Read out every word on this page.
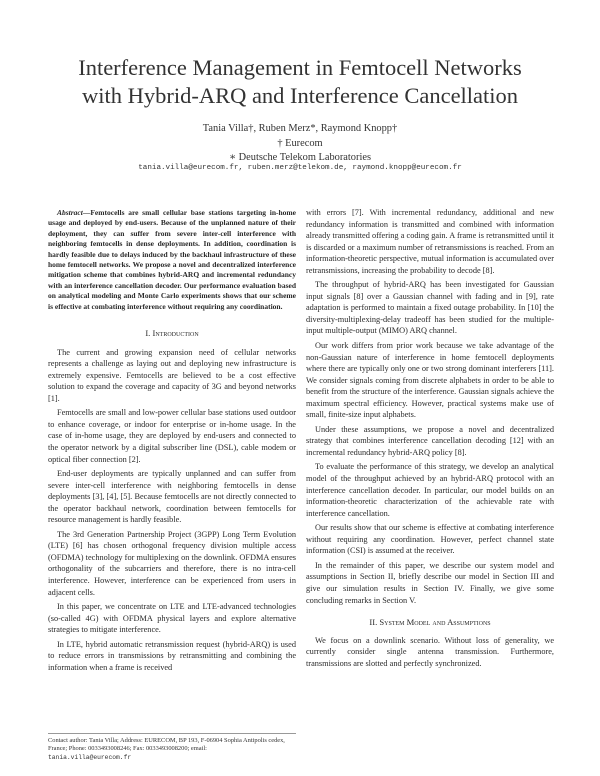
Interference Management in Femtocell Networks
with Hybrid-ARQ and Interference Cancellation
Tania Villa†, Ruben Merz*, Raymond Knopp†
† Eurecom
∗ Deutsche Telekom Laboratories
tania.villa@eurecom.fr, ruben.merz@telekom.de, raymond.knopp@eurecom.fr

Abstract—Femtocells are small cellular base stations targeting in-home usage and deployed by end-users. Because of the unplanned nature of their deployment, they can suffer from severe inter-cell interference with neighboring femtocells in dense deployments. In addition, coordination is hardly feasible due to delays induced by the backhaul infrastructure of these home femtocell networks. We propose a novel and decentralized interference mitigation scheme that combines hybrid-ARQ and incremental redundancy with an interference cancellation decoder. Our performance evaluation based on analytical modeling and Monte Carlo experiments shows that our scheme is effective at combating interference without requiring any coordination.

I. Introduction

The current and growing expansion need of cellular networks represents a challenge as laying out and deploying new infrastructure is extremely expensive. Femtocells are believed to be a cost effective solution to expand the coverage and capacity of 3G and beyond networks [1].

Femtocells are small and low-power cellular base stations used outdoor to enhance coverage, or indoor for enterprise or in-home usage. In the case of in-home usage, they are deployed by end-users and connected to the operator network by a digital subscriber line (DSL), cable modem or optical fiber connection [2].

End-user deployments are typically unplanned and can suffer from severe inter-cell interference with neighboring femtocells in dense deployments [3], [4], [5]. Because femtocells are not directly connected to the operator backhaul network, coordination between femtocells for resource management is hardly feasible.

The 3rd Generation Partnership Project (3GPP) Long Term Evolution (LTE) [6] has chosen orthogonal frequency division multiple access (OFDMA) technology for multiplexing on the downlink. OFDMA ensures orthogonality of the subcarriers and therefore, there is no intra-cell interference. However, interference can be experienced from users in adjacent cells.

In this paper, we concentrate on LTE and LTE-advanced technologies (so-called 4G) with OFDMA physical layers and explore alternative strategies to mitigate interference.

In LTE, hybrid automatic retransmission request (hybrid-ARQ) is used to reduce errors in transmissions by retransmitting and combining the information when a frame is received

Contact author: Tania Villa; Address: EURECOM, BP 193, F-06904 Sophia Antipolis cedex, France; Phone: 0033493008246; Fax: 0033493008200; email:
tania.villa@eurecom.fr

with errors [7]. With incremental redundancy, additional and new redundancy information is transmitted and combined with information already transmitted offering a coding gain. A frame is retransmitted until it is discarded or a maximum number of retransmissions is reached. From an information-theoretic perspective, mutual information is accumulated over retransmissions, increasing the probability to decode [8].

The throughput of hybrid-ARQ has been investigated for Gaussian input signals [8] over a Gaussian channel with fading and in [9], rate adaptation is performed to maintain a fixed outage probability. In [10] the diversity-multiplexing-delay tradeoff has been studied for the multiple-input multiple-output (MIMO) ARQ channel.

Our work differs from prior work because we take advantage of the non-Gaussian nature of interference in home femtocell deployments where there are typically only one or two strong dominant interferers [11]. We consider signals coming from discrete alphabets in order to be able to benefit from the structure of the interference. Gaussian signals achieve the maximum spectral efficiency. However, practical systems make use of small, finite-size input alphabets.

Under these assumptions, we propose a novel and decentralized strategy that combines interference cancellation decoding [12] with an incremental redundancy hybrid-ARQ policy [8].

To evaluate the performance of this strategy, we develop an analytical model of the throughput achieved by an hybrid-ARQ protocol with an interference cancellation decoder. In particular, our model builds on an information-theoretic characterization of the achievable rate with interference cancellation.

Our results show that our scheme is effective at combating interference without requiring any coordination. However, perfect channel state information (CSI) is assumed at the receiver.

In the remainder of this paper, we describe our system model and assumptions in Section II, briefly describe our model in Section III and give our simulation results in Section IV. Finally, we give some concluding remarks in Section V.

II. System Model and Assumptions

We focus on a downlink scenario. Without loss of generality, we currently consider single antenna transmission. Furthermore, transmissions are slotted and perfectly synchronized.
